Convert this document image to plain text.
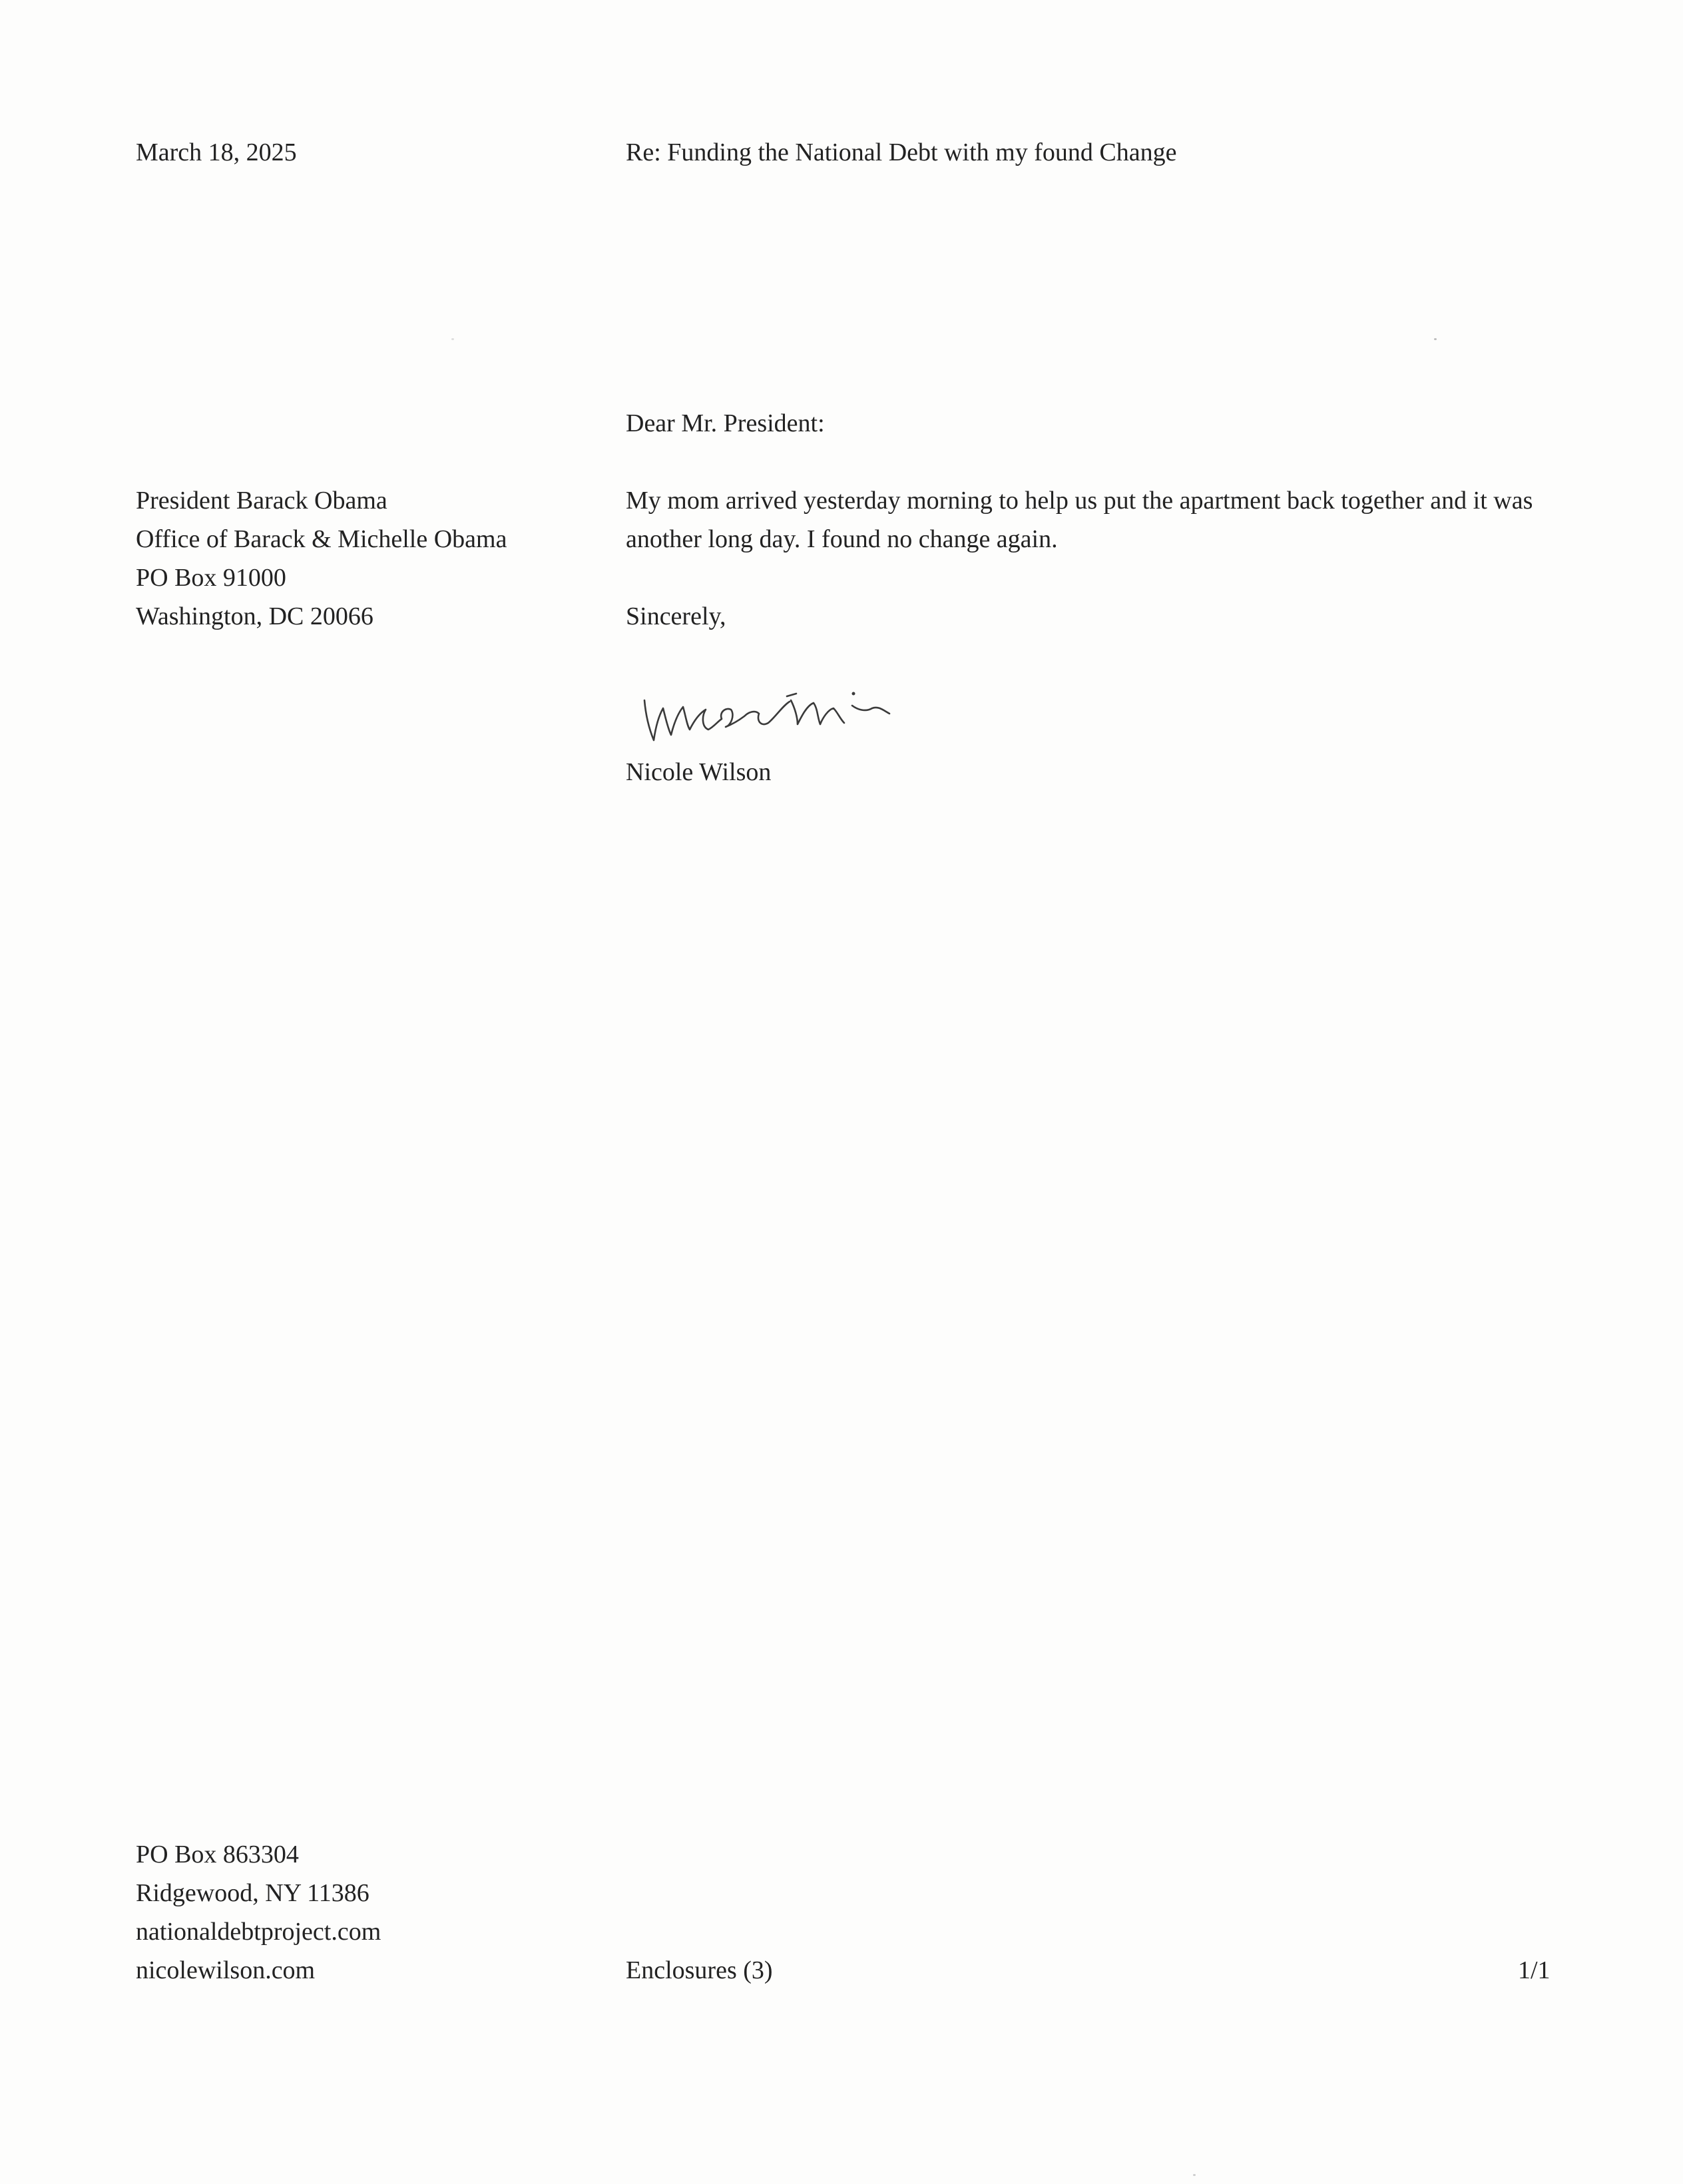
March 18, 2025	Re: Funding the National Debt with my found Change
Dear Mr. President:
President Barack Obama
Office of Barack & Michelle Obama
PO Box 91000
Washington, DC 20066
My mom arrived yesterday morning to help us put the apartment back together and it was another long day. I found no change again.
Sincerely,
Nicole Wilson
PO Box 863304
Ridgewood, NY 11386
nationaldebtproject.com
nicolewilson.com	Enclosures (3)	1/1
